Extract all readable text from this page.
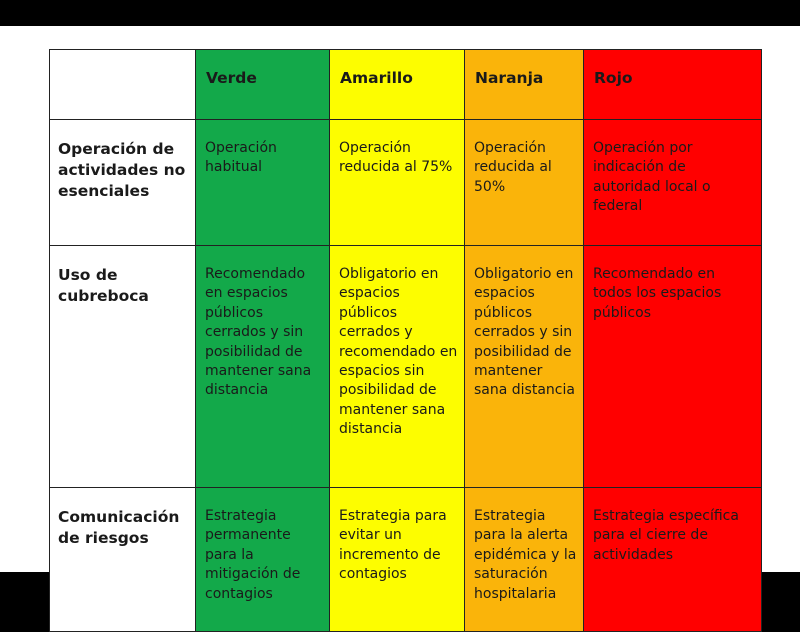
	Verde	Amarillo	Naranja	Rojo
Operación de actividades no esenciales	Operación habitual	Operación reducida al 75%	Operación reducida al 50%	Operación por indicación de autoridad local o federal
Uso de cubreboca	Recomendado en espacios públicos cerrados y sin posibilidad de mantener sana distancia	Obligatorio en espacios públicos cerrados y recomendado en espacios sin posibilidad de mantener sana distancia	Obligatorio en espacios públicos cerrados y sin posibilidad de mantener sana distancia	Recomendado en todos los espacios públicos
Comunicación de riesgos	Estrategia permanente para la mitigación de contagios	Estrategia para evitar un incremento de contagios	Estrategia para la alerta epidémica y la saturación hospitalaria	Estrategia específica para el cierre de actividades
